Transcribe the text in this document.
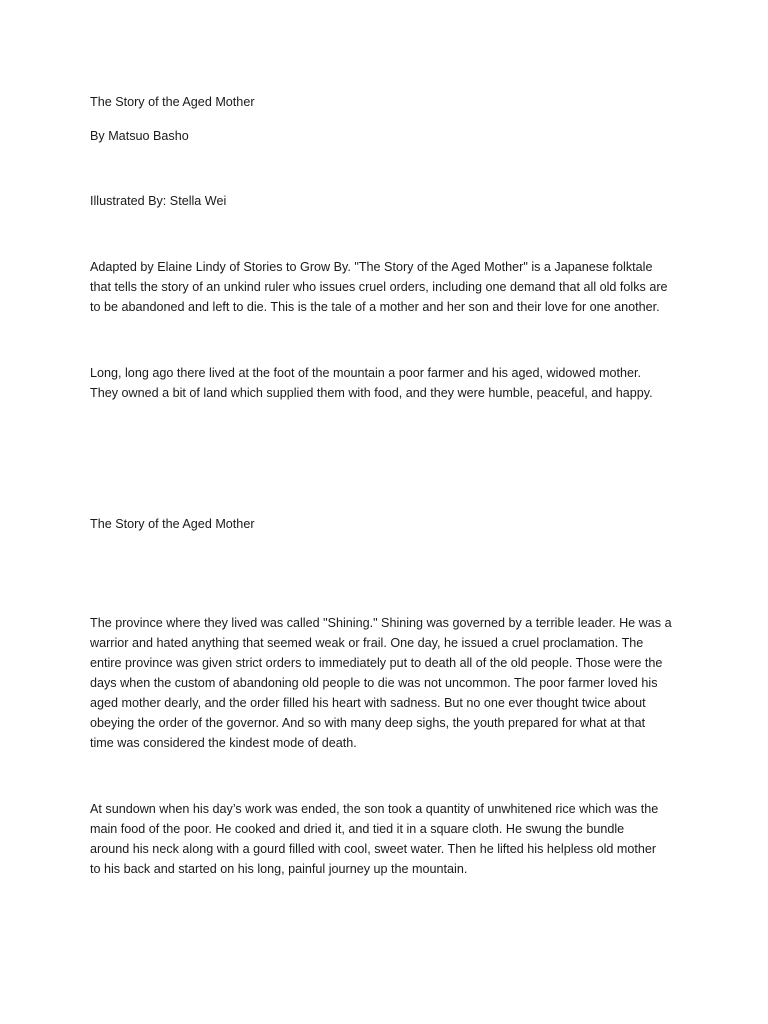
The Story of the Aged Mother

By Matsuo Basho

Illustrated By: Stella Wei

Adapted by Elaine Lindy of Stories to Grow By. "The Story of the Aged Mother" is a Japanese folktale
that tells the story of an unkind ruler who issues cruel orders, including one demand that all old folks are
to be abandoned and left to die. This is the tale of a mother and her son and their love for one another.
Long, long ago there lived at the foot of the mountain a poor farmer and his aged, widowed mother.
They owned a bit of land which supplied them with food, and they were humble, peaceful, and happy.

The Story of the Aged Mother

The province where they lived was called "Shining." Shining was governed by a terrible leader. He was a
warrior and hated anything that seemed weak or frail. One day, he issued a cruel proclamation. The
entire province was given strict orders to immediately put to death all of the old people. Those were the
days when the custom of abandoning old people to die was not uncommon. The poor farmer loved his
aged mother dearly, and the order filled his heart with sadness. But no one ever thought twice about
obeying the order of the governor. And so with many deep sighs, the youth prepared for what at that
time was considered the kindest mode of death.
At sundown when his day’s work was ended, the son took a quantity of unwhitened rice which was the
main food of the poor. He cooked and dried it, and tied it in a square cloth. He swung the bundle
around his neck along with a gourd filled with cool, sweet water. Then he lifted his helpless old mother
to his back and started on his long, painful journey up the mountain.
